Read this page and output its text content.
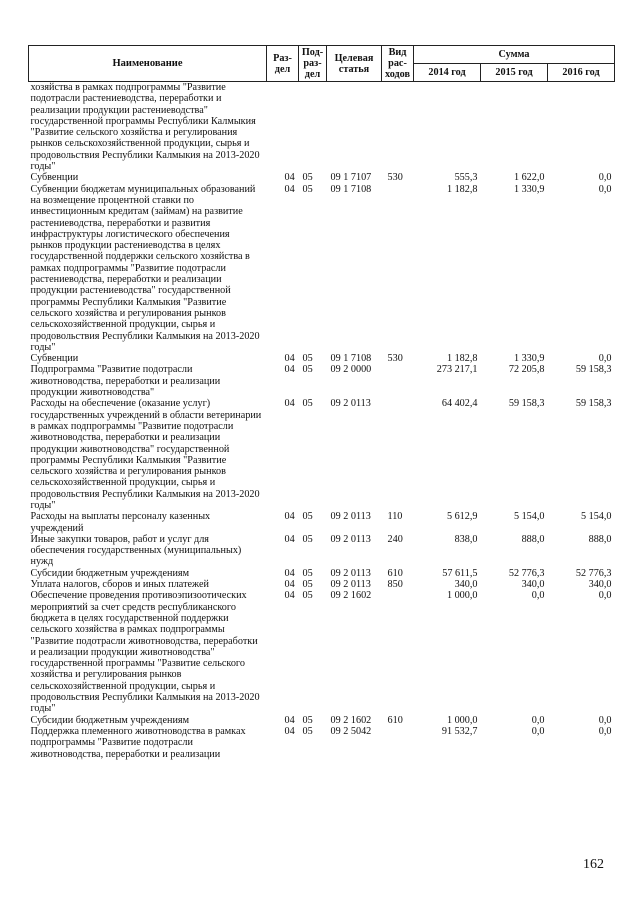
Наименование	Раз-дел	Под-раз-дел	Целевая статья	Вид рас-ходов	Сумма		
					2014 год	2015 год	2016 год
хозяйства в рамках подпрограммы "Развитие подотрасли растениеводства, переработки и реализации продукции растениеводства" государственной программы Республики Калмыкия "Развитие сельского хозяйства и регулирования рынков сельскохозяйственной продукции, сырья и продовольствия Республики Калмыкия на 2013-2020 годы"							
Субвенции	04	05	09 1 7107	530	555,3	1 622,0	0,0
Субвенции бюджетам муниципальных образований на возмещение процентной ставки по инвестиционным кредитам (займам) на развитие растениеводства, переработки и развития инфраструктуры логистического обеспечения рынков продукции растениеводства в целях государственной поддержки сельского хозяйства в рамках подпрограммы "Развитие подотрасли растениеводства, переработки и реализации продукции растениеводства" государственной программы Республики Калмыкия "Развитие сельского хозяйства и регулирования рынков сельскохозяйственной продукции, сырья и продовольствия Республики Калмыкия на 2013-2020 годы"	04	05	09 1 7108		1 182,8	1 330,9	0,0
Субвенции	04	05	09 1 7108	530	1 182,8	1 330,9	0,0
Подпрограмма "Развитие подотрасли животноводства, переработки и реализации продукции животноводства"	04	05	09 2 0000		273 217,1	72 205,8	59 158,3
Расходы на обеспечение (оказание услуг) государственных учреждений в области ветеринарии в рамках подпрограммы "Развитие подотрасли животноводства, переработки и реализации продукции животноводства" государственной программы Республики Калмыкия "Развитие сельского хозяйства и регулирования рынков сельскохозяйственной продукции, сырья и продовольствия Республики Калмыкия на 2013-2020 годы"	04	05	09 2 0113		64 402,4	59 158,3	59 158,3
Расходы на выплаты персоналу казенных учреждений	04	05	09 2 0113	110	5 612,9	5 154,0	5 154,0
Иные закупки товаров, работ и услуг для обеспечения государственных (муниципальных) нужд	04	05	09 2 0113	240	838,0	888,0	888,0
Субсидии бюджетным учреждениям	04	05	09 2 0113	610	57 611,5	52 776,3	52 776,3
Уплата налогов, сборов и иных платежей	04	05	09 2 0113	850	340,0	340,0	340,0
Обеспечение проведения противоэпизоотических мероприятий за счет средств республиканского бюджета в целях государственной поддержки сельского хозяйства в рамках подпрограммы "Развитие подотрасли животноводства, переработки и реализации продукции животноводства" государственной программы "Развитие сельского хозяйства и регулирования рынков сельскохозяйственной продукции, сырья и продовольствия Республики Калмыкия на 2013-2020 годы"	04	05	09 2 1602		1 000,0	0,0	0,0
Субсидии бюджетным учреждениям	04	05	09 2 1602	610	1 000,0	0,0	0,0
Поддержка племенного животноводства в рамках подпрограммы "Развитие подотрасли животноводства, переработки и реализации	04	05	09 2 5042		91 532,7	0,0	0,0
162
